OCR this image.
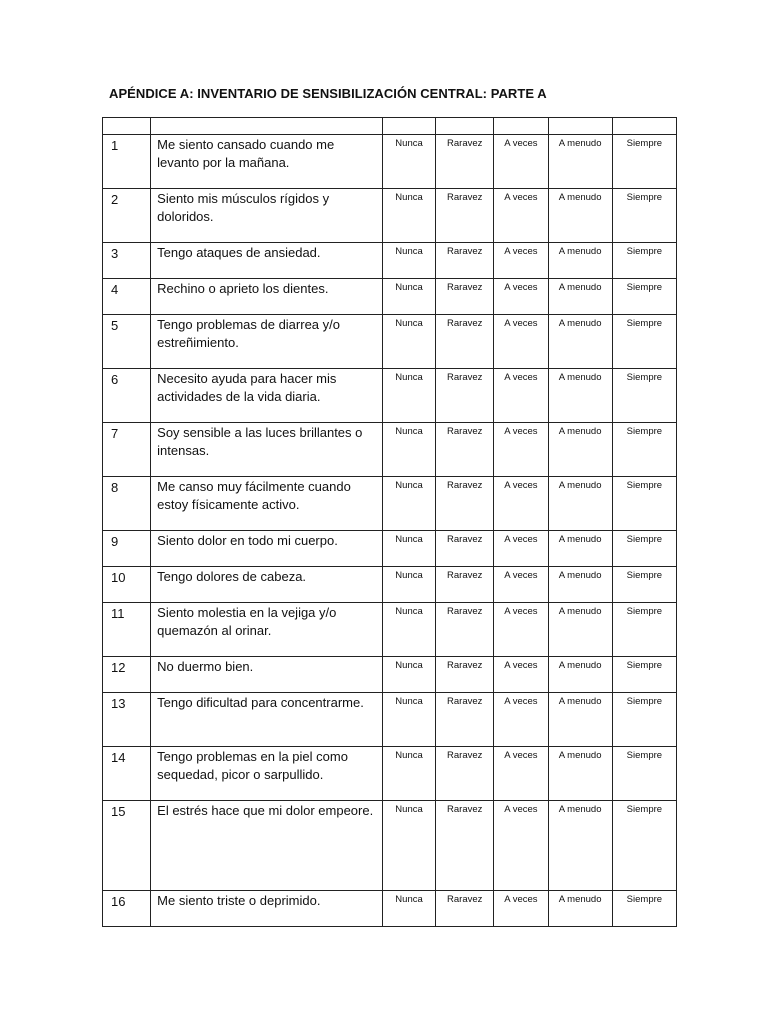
APÉNDICE A: INVENTARIO DE SENSIBILIZACIÓN CENTRAL: PARTE A

1	Me siento cansado cuando me levanto por la mañana.	Nunca	Raravez	A veces	A menudo	Siempre
2	Siento mis músculos rígidos y doloridos.	Nunca	Raravez	A veces	A menudo	Siempre
3	Tengo ataques de ansiedad.	Nunca	Raravez	A veces	A menudo	Siempre
4	Rechino o aprieto los dientes.	Nunca	Raravez	A veces	A menudo	Siempre
5	Tengo problemas de diarrea y/o estreñimiento.	Nunca	Raravez	A veces	A menudo	Siempre
6	Necesito ayuda para hacer mis actividades de la vida diaria.	Nunca	Raravez	A veces	A menudo	Siempre
7	Soy sensible a las luces brillantes o intensas.	Nunca	Raravez	A veces	A menudo	Siempre
8	Me canso muy fácilmente cuando estoy físicamente activo.	Nunca	Raravez	A veces	A menudo	Siempre
9	Siento dolor en todo mi cuerpo.	Nunca	Raravez	A veces	A menudo	Siempre
10	Tengo dolores de cabeza.	Nunca	Raravez	A veces	A menudo	Siempre
11	Siento molestia en la vejiga y/o quemazón al orinar.	Nunca	Raravez	A veces	A menudo	Siempre
12	No duermo bien.	Nunca	Raravez	A veces	A menudo	Siempre
13	Tengo dificultad para concentrarme.	Nunca	Raravez	A veces	A menudo	Siempre
14	Tengo problemas en la piel como sequedad, picor o sarpullido.	Nunca	Raravez	A veces	A menudo	Siempre
15	El estrés hace que mi dolor empeore.	Nunca	Raravez	A veces	A menudo	Siempre
16	Me siento triste o deprimido.	Nunca	Raravez	A veces	A menudo	Siempre
